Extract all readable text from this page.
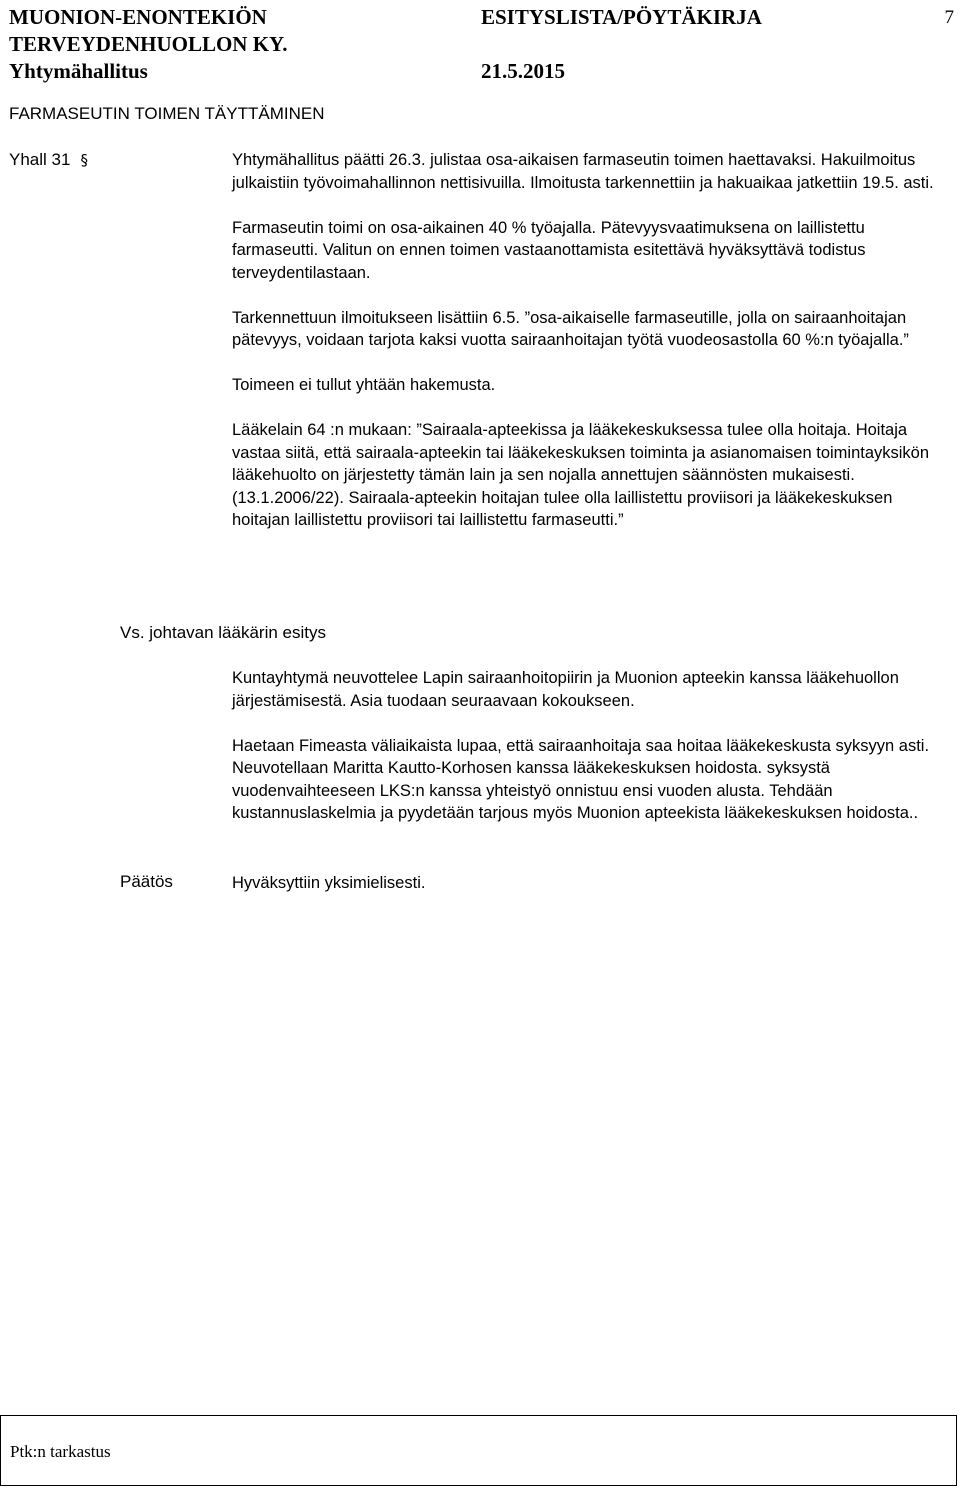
MUONION-ENONTEKIÖN	ESITYSLISTA/PÖYTÄKIRJA	7
TERVEYDENHUOLLON KY.
Yhtymähallitus	21.5.2015
FARMASEUTIN TOIMEN TÄYTTÄMINEN
Yhall 31 §	Yhtymähallitus päätti 26.3. julistaa osa-aikaisen farmaseutin toimen haettavaksi. Hakuilmoitus julkaistiin työvoimahallinnon nettisivuilla. Ilmoitusta tarkennettiin ja hakuaikaa jatkettiin 19.5. asti.

Farmaseutin toimi on osa-aikainen 40 % työajalla. Pätevyysvaatimuksena on laillistettu farmaseutti. Valitun on ennen toimen vastaanottamista esitettävä hyväksyttävä todistus terveydentilastaan.

Tarkennettuun ilmoitukseen lisättiin 6.5. ”osa-aikaiselle farmaseutille, jolla on sairaanhoitajan pätevyys, voidaan tarjota kaksi vuotta sairaanhoitajan työtä vuodeosastolla 60 %:n työajalla.”

Toimeen ei tullut yhtään hakemusta.

Lääkelain 64 :n mukaan: ”Sairaala-apteekissa ja lääkekeskuksessa tulee olla hoitaja. Hoitaja vastaa siitä, että sairaala-apteekin tai lääkekeskuksen toiminta ja asianomaisen toimintayksikön lääkehuolto on järjestetty tämän lain ja sen nojalla annettujen säännösten mukaisesti. (13.1.2006/22). Sairaala-apteekin hoitajan tulee olla laillistettu proviisori ja lääkekeskuksen hoitajan laillistettu proviisori tai laillistettu farmaseutti.”

Vs. johtavan lääkärin esitys

Kuntayhtymä neuvottelee Lapin sairaanhoitopiirin ja Muonion apteekin kanssa lääkehuollon järjestämisestä. Asia tuodaan seuraavaan kokoukseen.

Haetaan Fimeasta väliaikaista lupaa, että sairaanhoitaja saa hoitaa lääkekeskusta syksyyn asti. Neuvotellaan Maritta Kautto-Korhosen kanssa lääkekeskuksen hoidosta. syksystä vuodenvaihteeseen LKS:n kanssa yhteistyö onnistuu ensi vuoden alusta. Tehdään kustannuslaskelmia ja pyydetään tarjous myös Muonion apteekista lääkekeskuksen hoidosta..

Päätös	Hyväksyttiin yksimielisesti.
Ptk:n tarkastus
